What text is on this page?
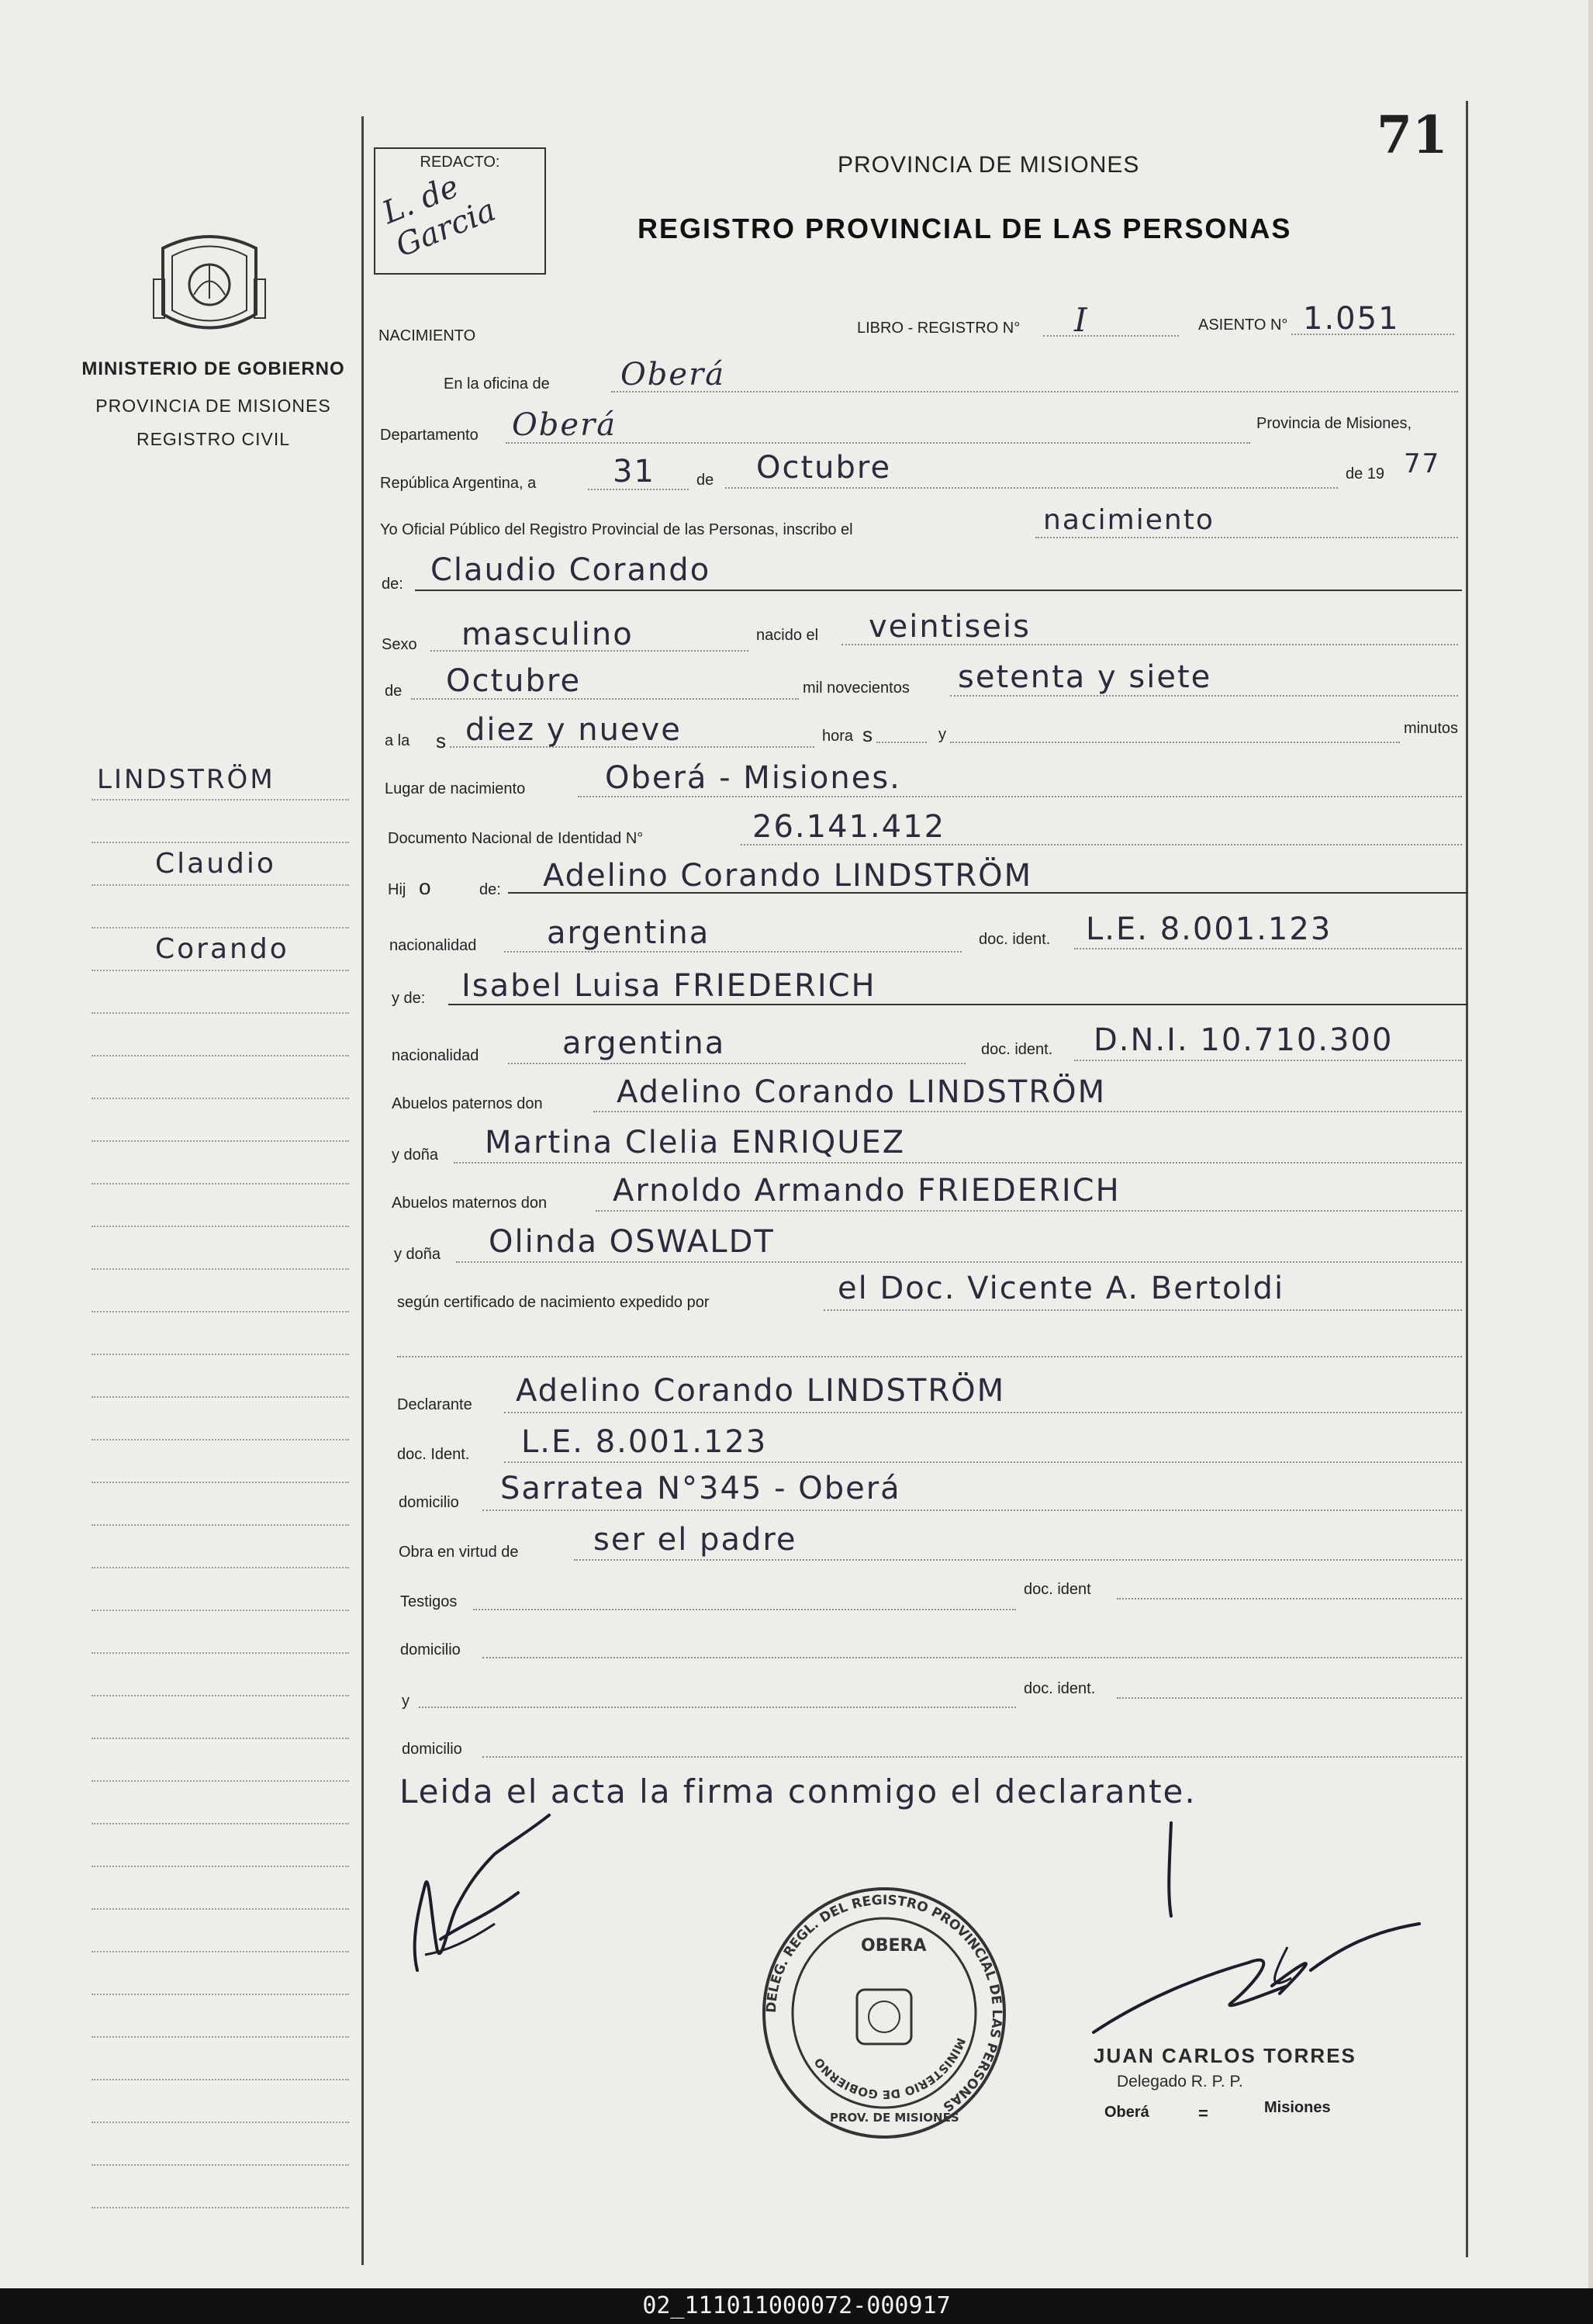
MINISTERIO DE GOBIERNO
PROVINCIA DE MISIONES
REGISTRO CIVIL
LINDSTRÖM
Claudio
Corando
REDACTO:
L. de Garcia
71
PROVINCIA DE MISIONES
REGISTRO PROVINCIAL DE LAS PERSONAS
NACIMIENTO	LIBRO - REGISTRO N° I	ASIENTO N° 1.051
En la oficina de Oberá
Departamento Oberá	Provincia de Misiones,
República Argentina, a 31	de Octubre	de 19 77
Yo Oficial Público del Registro Provincial de las Personas, inscribo el	nacimiento
de: Claudio Corando
Sexo masculino	nacido el veintiseis
de Octubre	mil novecientos setenta y siete
a la s diez y nueve	hora s	y	minutos
Lugar de nacimiento	Oberá - Misiones.
Documento Nacional de Identidad N°	26.141.412
Hij o	de: Adelino Corando LINDSTRÖM
nacionalidad argentina	doc. ident. L.E. 8.001.123
y de: Isabel Luisa FRIEDERICH
nacionalidad	argentina	doc. ident. D.N.I. 10.710.300
Abuelos paternos don Adelino Corando LINDSTRÖM
y doña Martina Clelia ENRIQUEZ
Abuelos maternos don Arnoldo Armando FRIEDERICH
y doña Olinda OSWALDT
según certificado de nacimiento expedido por	el Doc. Vicente A. Bertoldi
Declarante Adelino Corando LINDSTRÖM
doc. Ident. L.E. 8.001.123
domicilio Sarratea N°345 - Oberá
Obra en virtud de ser el padre
Testigos
doc. ident
domicilio
y
doc. ident.
domicilio
Leida el acta la firma conmigo el declarante.
DELEG. REGL. DEL REGISTRO PROVINCIAL DE LAS PERSONAS
OBERA
MINISTERIO DE GOBIERNO
PROV. DE MISIONES
JUAN CARLOS TORRES
Delegado R. P. P.
Oberá	=	Misiones
02_111011000072-000917
